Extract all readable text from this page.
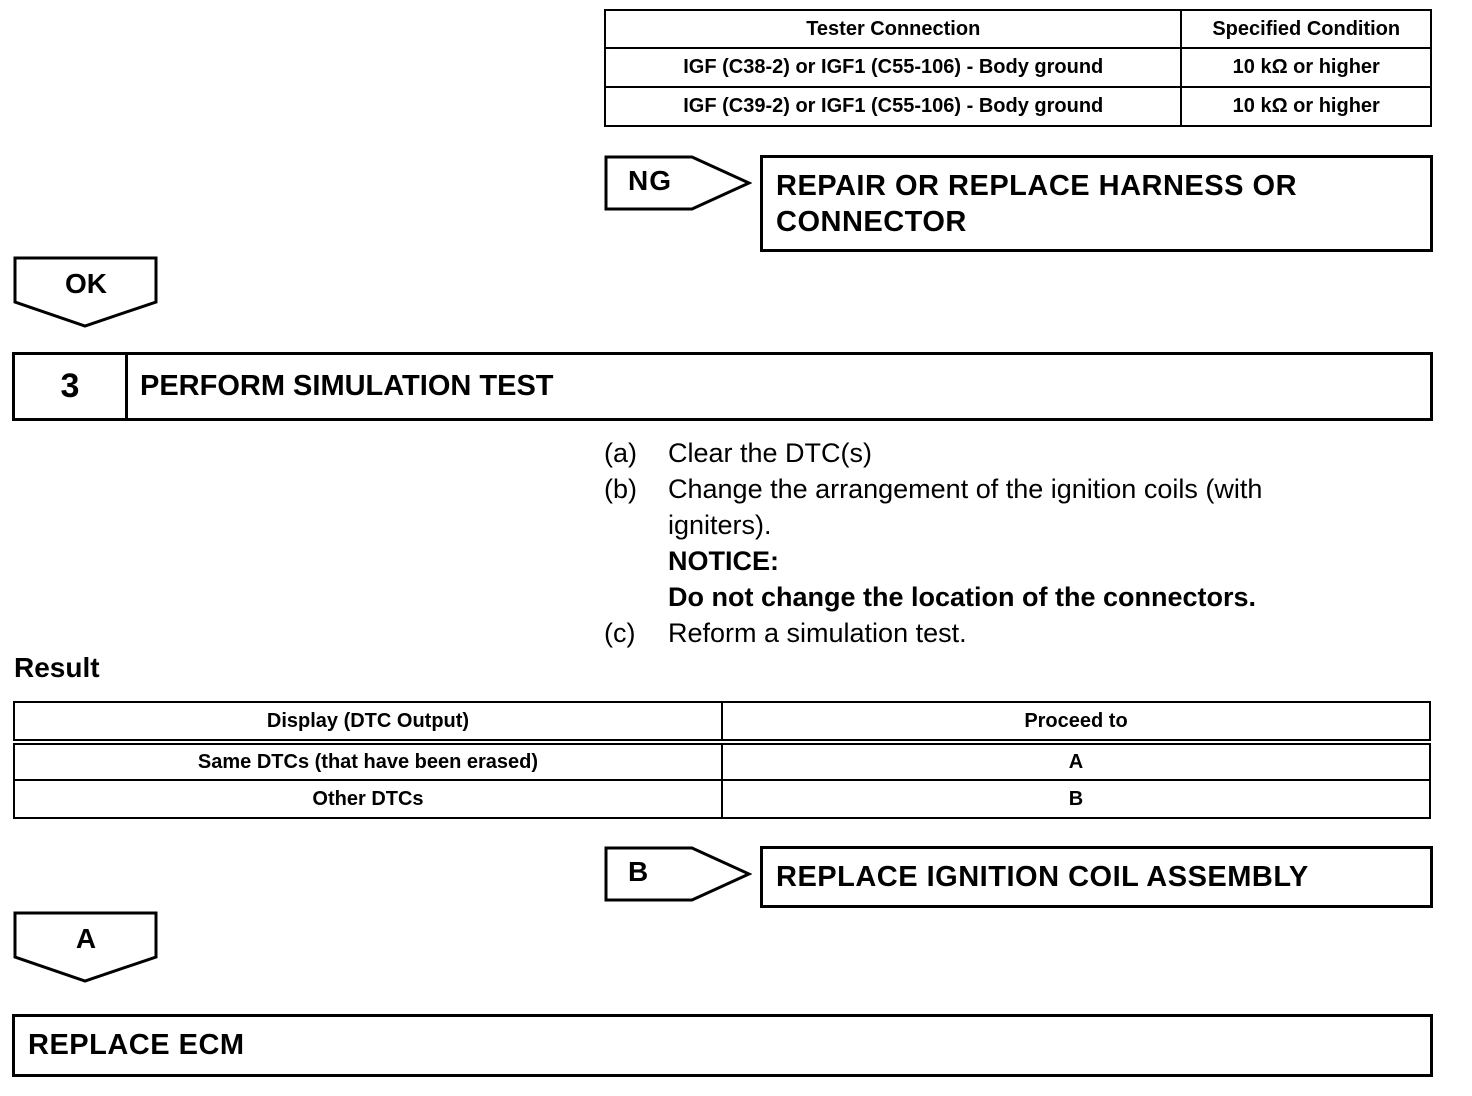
Tester Connection	Specified Condition
IGF (C38-2) or IGF1 (C55-106) - Body ground	10 kΩ or higher
IGF (C39-2) or IGF1 (C55-106) - Body ground	10 kΩ or higher
NG	REPAIR OR REPLACE HARNESS OR
CONNECTOR
OK
3	PERFORM SIMULATION TEST
(a) Clear the DTC(s)
(b) Change the arrangement of the ignition coils (with
igniters).
NOTICE:
Do not change the location of the connectors.
(c) Reform a simulation test.
Result
Display (DTC Output)	Proceed to
Same DTCs (that have been erased)	A
Other DTCs	B
B	REPLACE IGNITION COIL ASSEMBLY
A
REPLACE ECM
